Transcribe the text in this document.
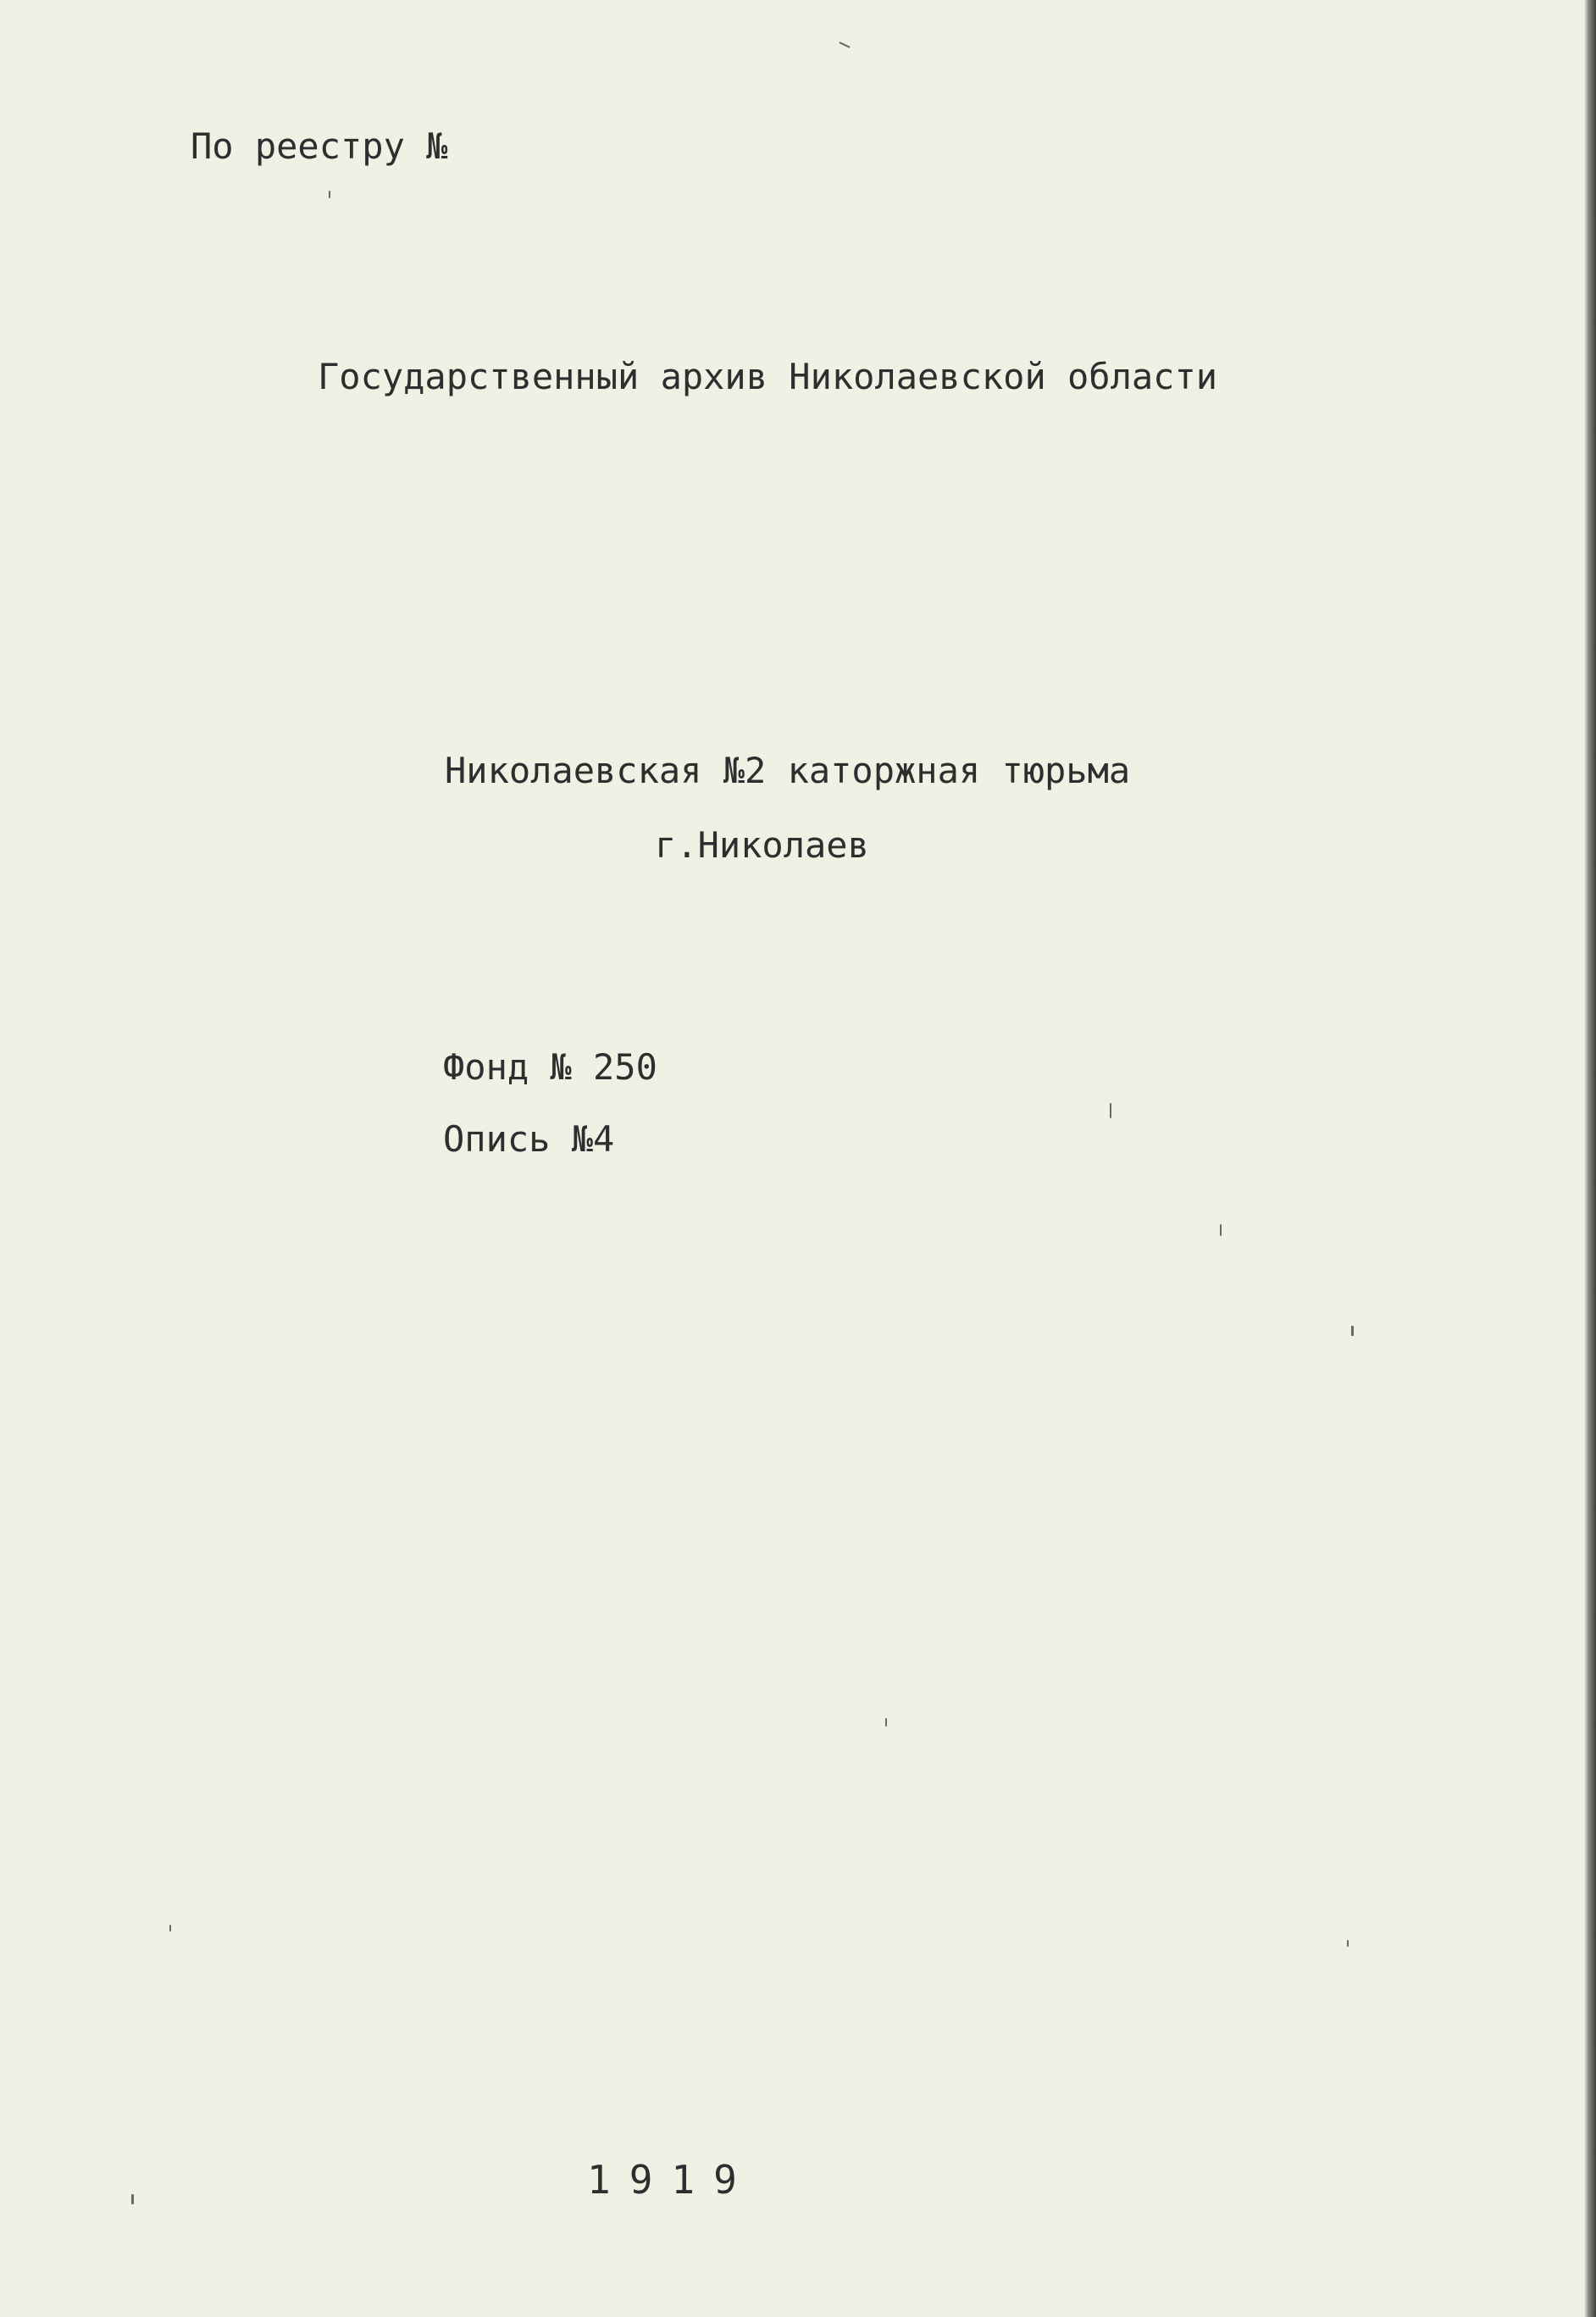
По реестру №
Государственный архив Николаевской области
Николаевская №2 каторжная тюрьма
г.Николаев
Фонд № 250
Опись №4
1919
